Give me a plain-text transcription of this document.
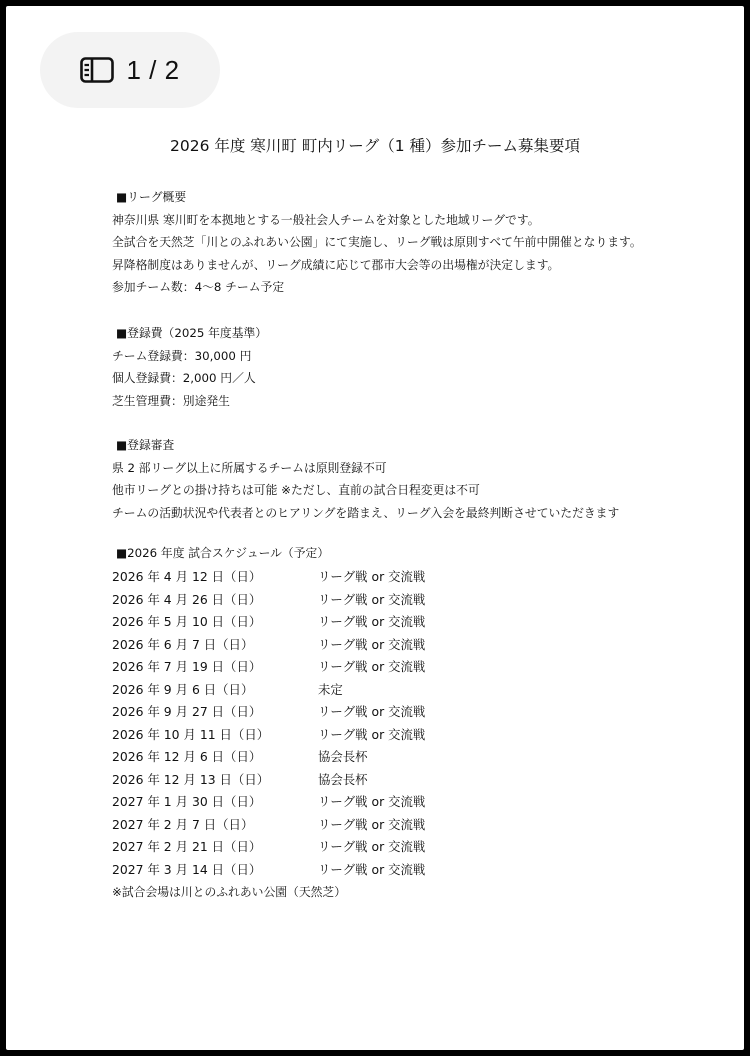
1 / 2
2026 年度 寒川町 町内リーグ（1 種）参加チーム募集要項
■リーグ概要
神奈川県 寒川町を本拠地とする一般社会人チームを対象とした地域リーグです。
全試合を天然芝「川とのふれあい公園」にて実施し、リーグ戦は原則すべて午前中開催となります。
昇降格制度はありませんが、リーグ成績に応じて郡市大会等の出場権が決定します。
参加チーム数：4〜8 チーム予定
■登録費（2025 年度基準）
チーム登録費：30,000 円
個人登録費：2,000 円／人
芝生管理費：別途発生
■登録審査
県 2 部リーグ以上に所属するチームは原則登録不可
他市リーグとの掛け持ちは可能 ※ただし、直前の試合日程変更は不可
チームの活動状況や代表者とのヒアリングを踏まえ、リーグ入会を最終判断させていただきます
■2026 年度 試合スケジュール（予定）
2026 年 4 月 12 日（日）	リーグ戦 or 交流戦
2026 年 4 月 26 日（日）	リーグ戦 or 交流戦
2026 年 5 月 10 日（日）	リーグ戦 or 交流戦
2026 年 6 月 7 日（日）	リーグ戦 or 交流戦
2026 年 7 月 19 日（日）	リーグ戦 or 交流戦
2026 年 9 月 6 日（日）	未定
2026 年 9 月 27 日（日）	リーグ戦 or 交流戦
2026 年 10 月 11 日（日）	リーグ戦 or 交流戦
2026 年 12 月 6 日（日）	協会長杯
2026 年 12 月 13 日（日）	協会長杯
2027 年 1 月 30 日（日）	リーグ戦 or 交流戦
2027 年 2 月 7 日（日）	リーグ戦 or 交流戦
2027 年 2 月 21 日（日）	リーグ戦 or 交流戦
2027 年 3 月 14 日（日）	リーグ戦 or 交流戦
※試合会場は川とのふれあい公園（天然芝）
